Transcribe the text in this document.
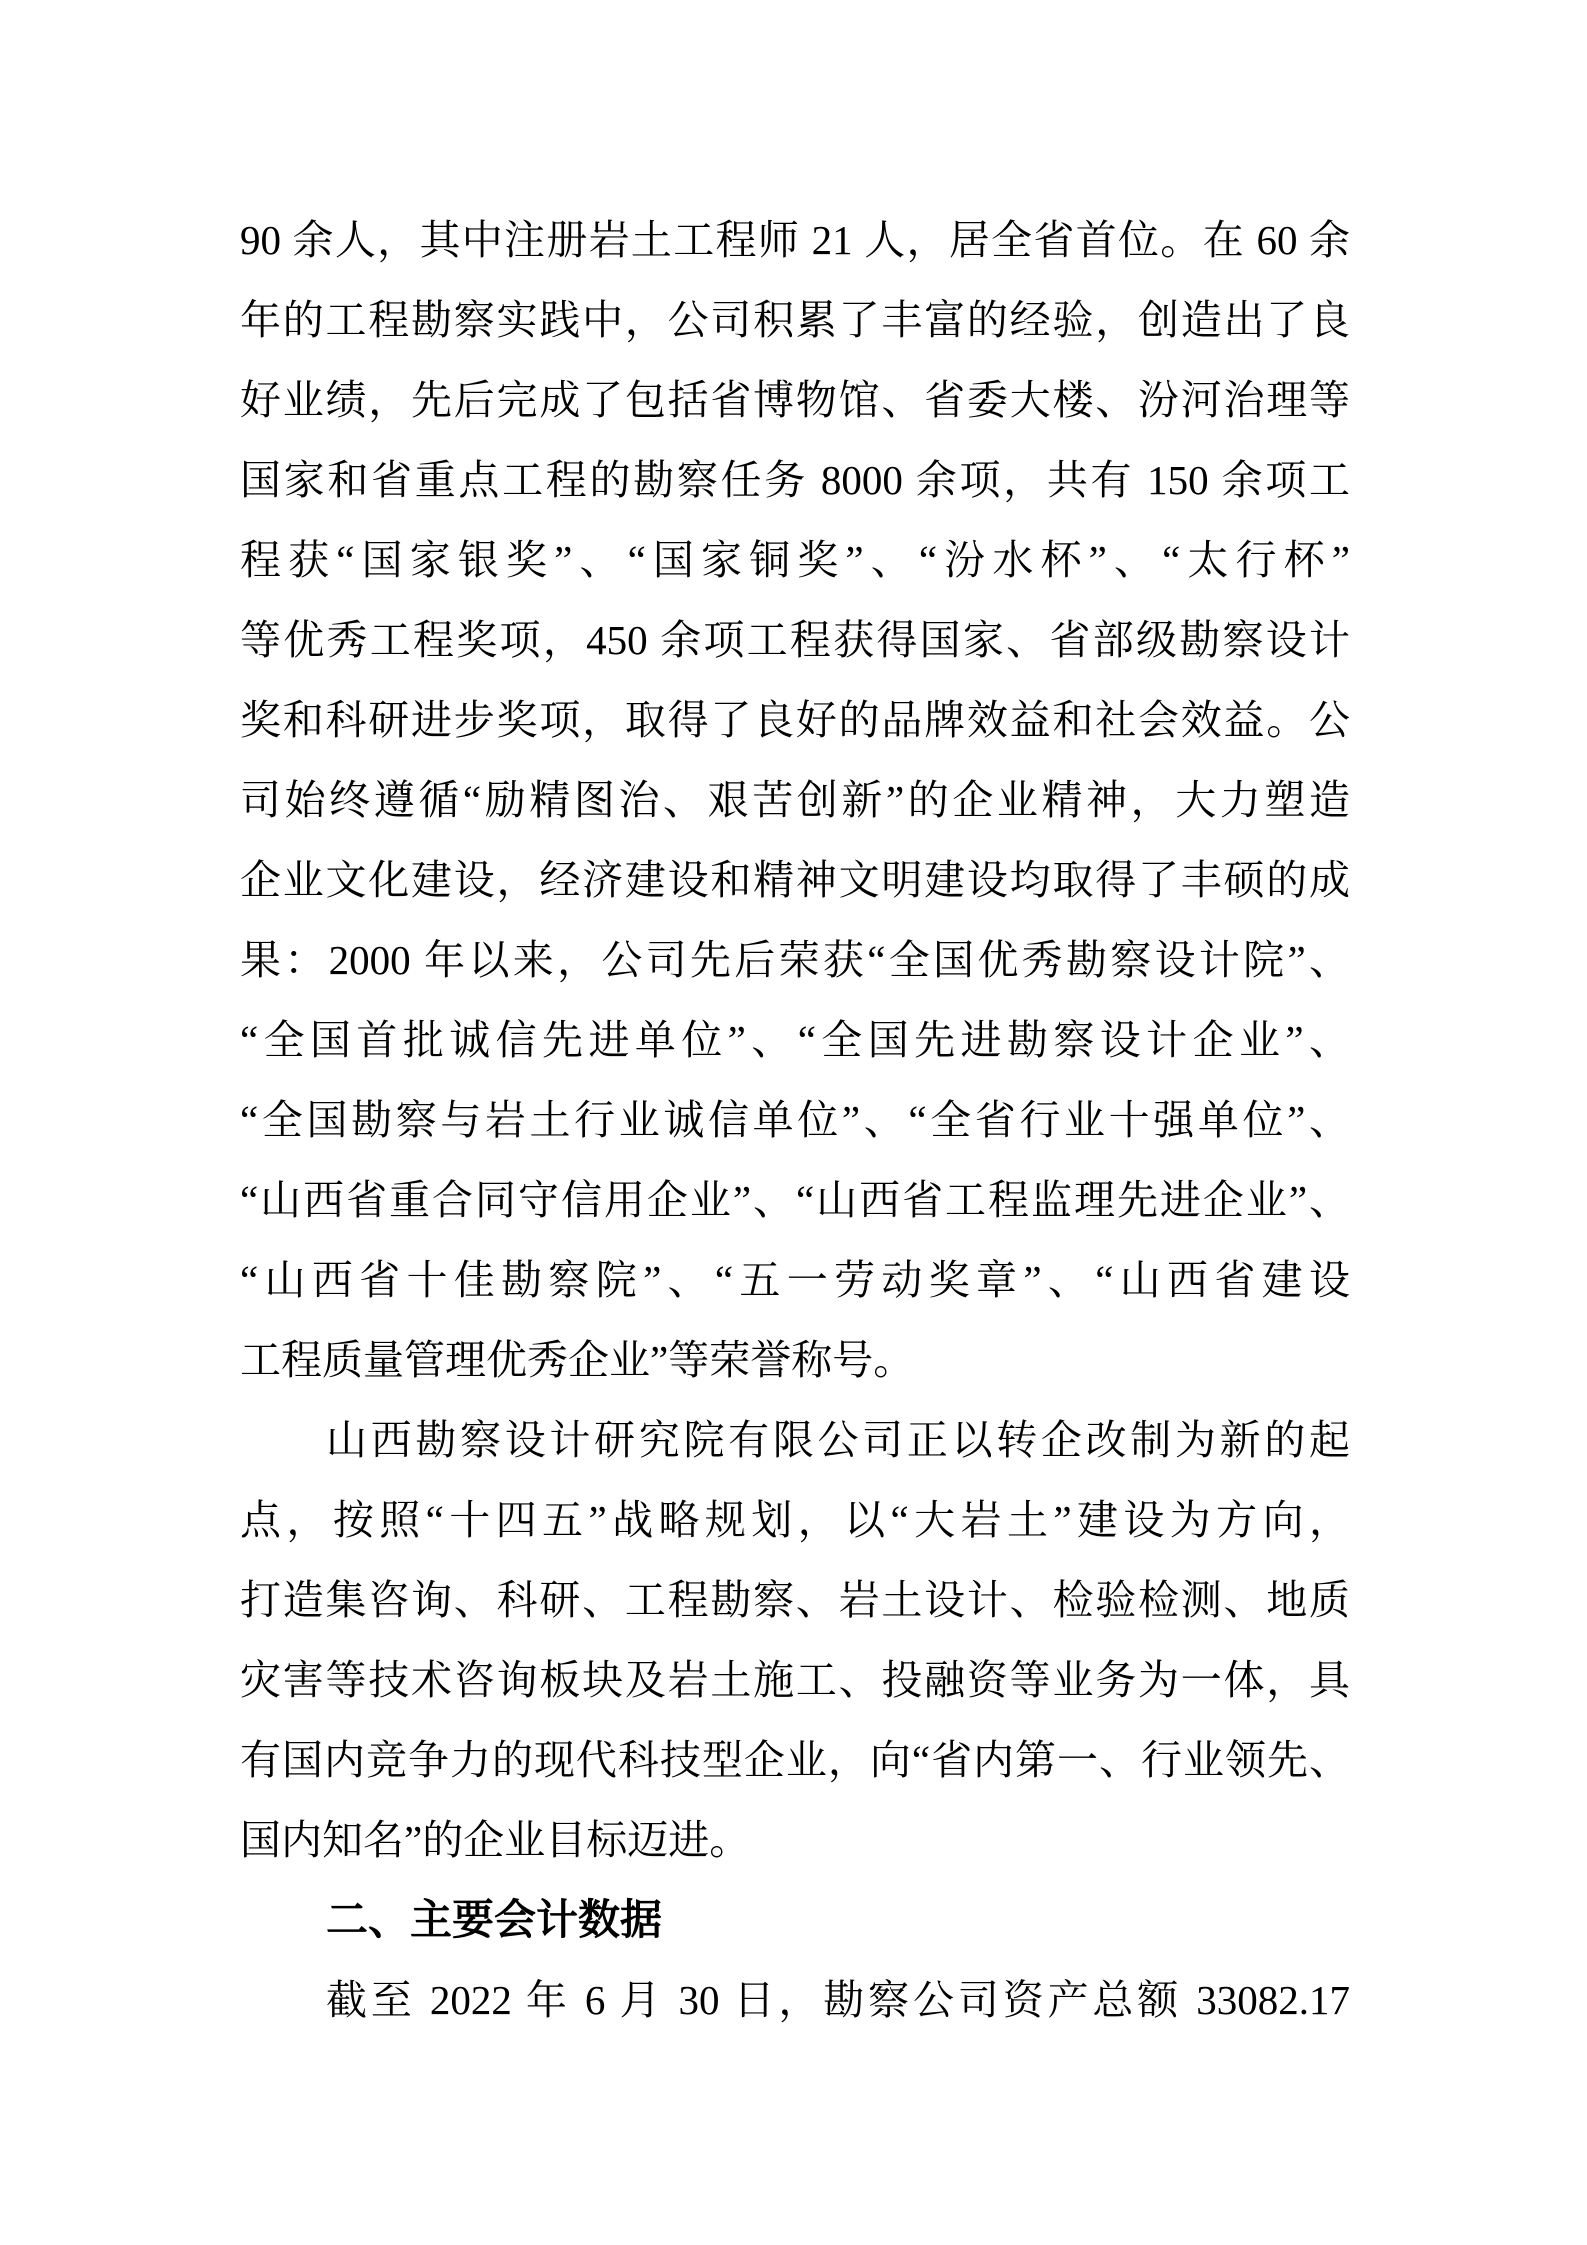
90 余人，其中注册岩土工程师 21 人，居全省首位。在 60 余
年的工程勘察实践中，公司积累了丰富的经验，创造出了良
好业绩，先后完成了包括省博物馆、省委大楼、汾河治理等
国家和省重点工程的勘察任务 8000 余项，共有 150 余项工
程获“国家银奖”、“国家铜奖”、“汾水杯”、“太行杯”
等优秀工程奖项，450 余项工程获得国家、省部级勘察设计
奖和科研进步奖项，取得了良好的品牌效益和社会效益。公
司始终遵循“励精图治、艰苦创新”的企业精神，大力塑造
企业文化建设，经济建设和精神文明建设均取得了丰硕的成
果：2000 年以来，公司先后荣获“全国优秀勘察设计院”、
“全国首批诚信先进单位”、“全国先进勘察设计企业”、
“全国勘察与岩土行业诚信单位”、“全省行业十强单位”、
“山西省重合同守信用企业”、“山西省工程监理先进企业”、
“山西省十佳勘察院”、“五一劳动奖章”、“山西省建设
工程质量管理优秀企业”等荣誉称号。
山西勘察设计研究院有限公司正以转企改制为新的起
点，按照“十四五”战略规划，以“大岩土”建设为方向，
打造集咨询、科研、工程勘察、岩土设计、检验检测、地质
灾害等技术咨询板块及岩土施工、投融资等业务为一体，具
有国内竞争力的现代科技型企业，向“省内第一、行业领先、
国内知名”的企业目标迈进。
二、主要会计数据
截至 2022 年 6 月 30 日，勘察公司资产总额 33082.17
